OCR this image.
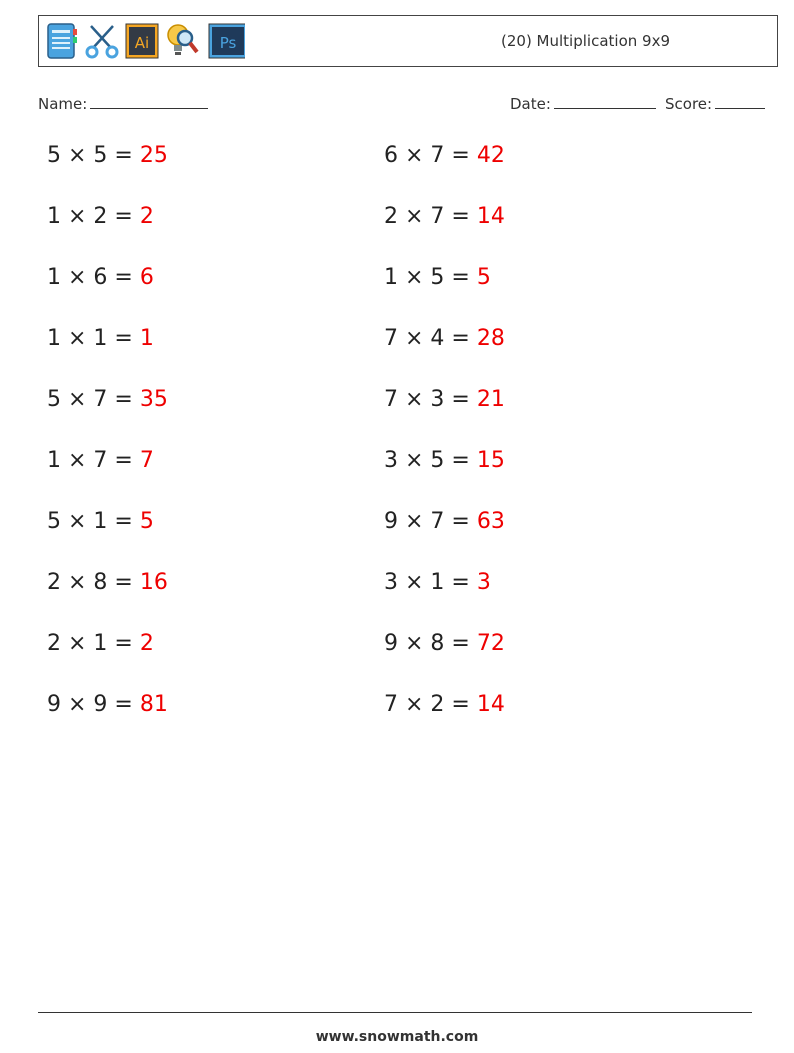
Ai	Ps	(20) Multiplication 9x9
Name:	Date:	Score:
5 × 5 = 25	6 × 7 = 42
1 × 2 = 2	2 × 7 = 14
1 × 6 = 6	1 × 5 = 5
1 × 1 = 1	7 × 4 = 28
5 × 7 = 35	7 × 3 = 21
1 × 7 = 7	3 × 5 = 15
5 × 1 = 5	9 × 7 = 63
2 × 8 = 16	3 × 1 = 3
2 × 1 = 2	9 × 8 = 72
9 × 9 = 81	7 × 2 = 14
www.snowmath.com
